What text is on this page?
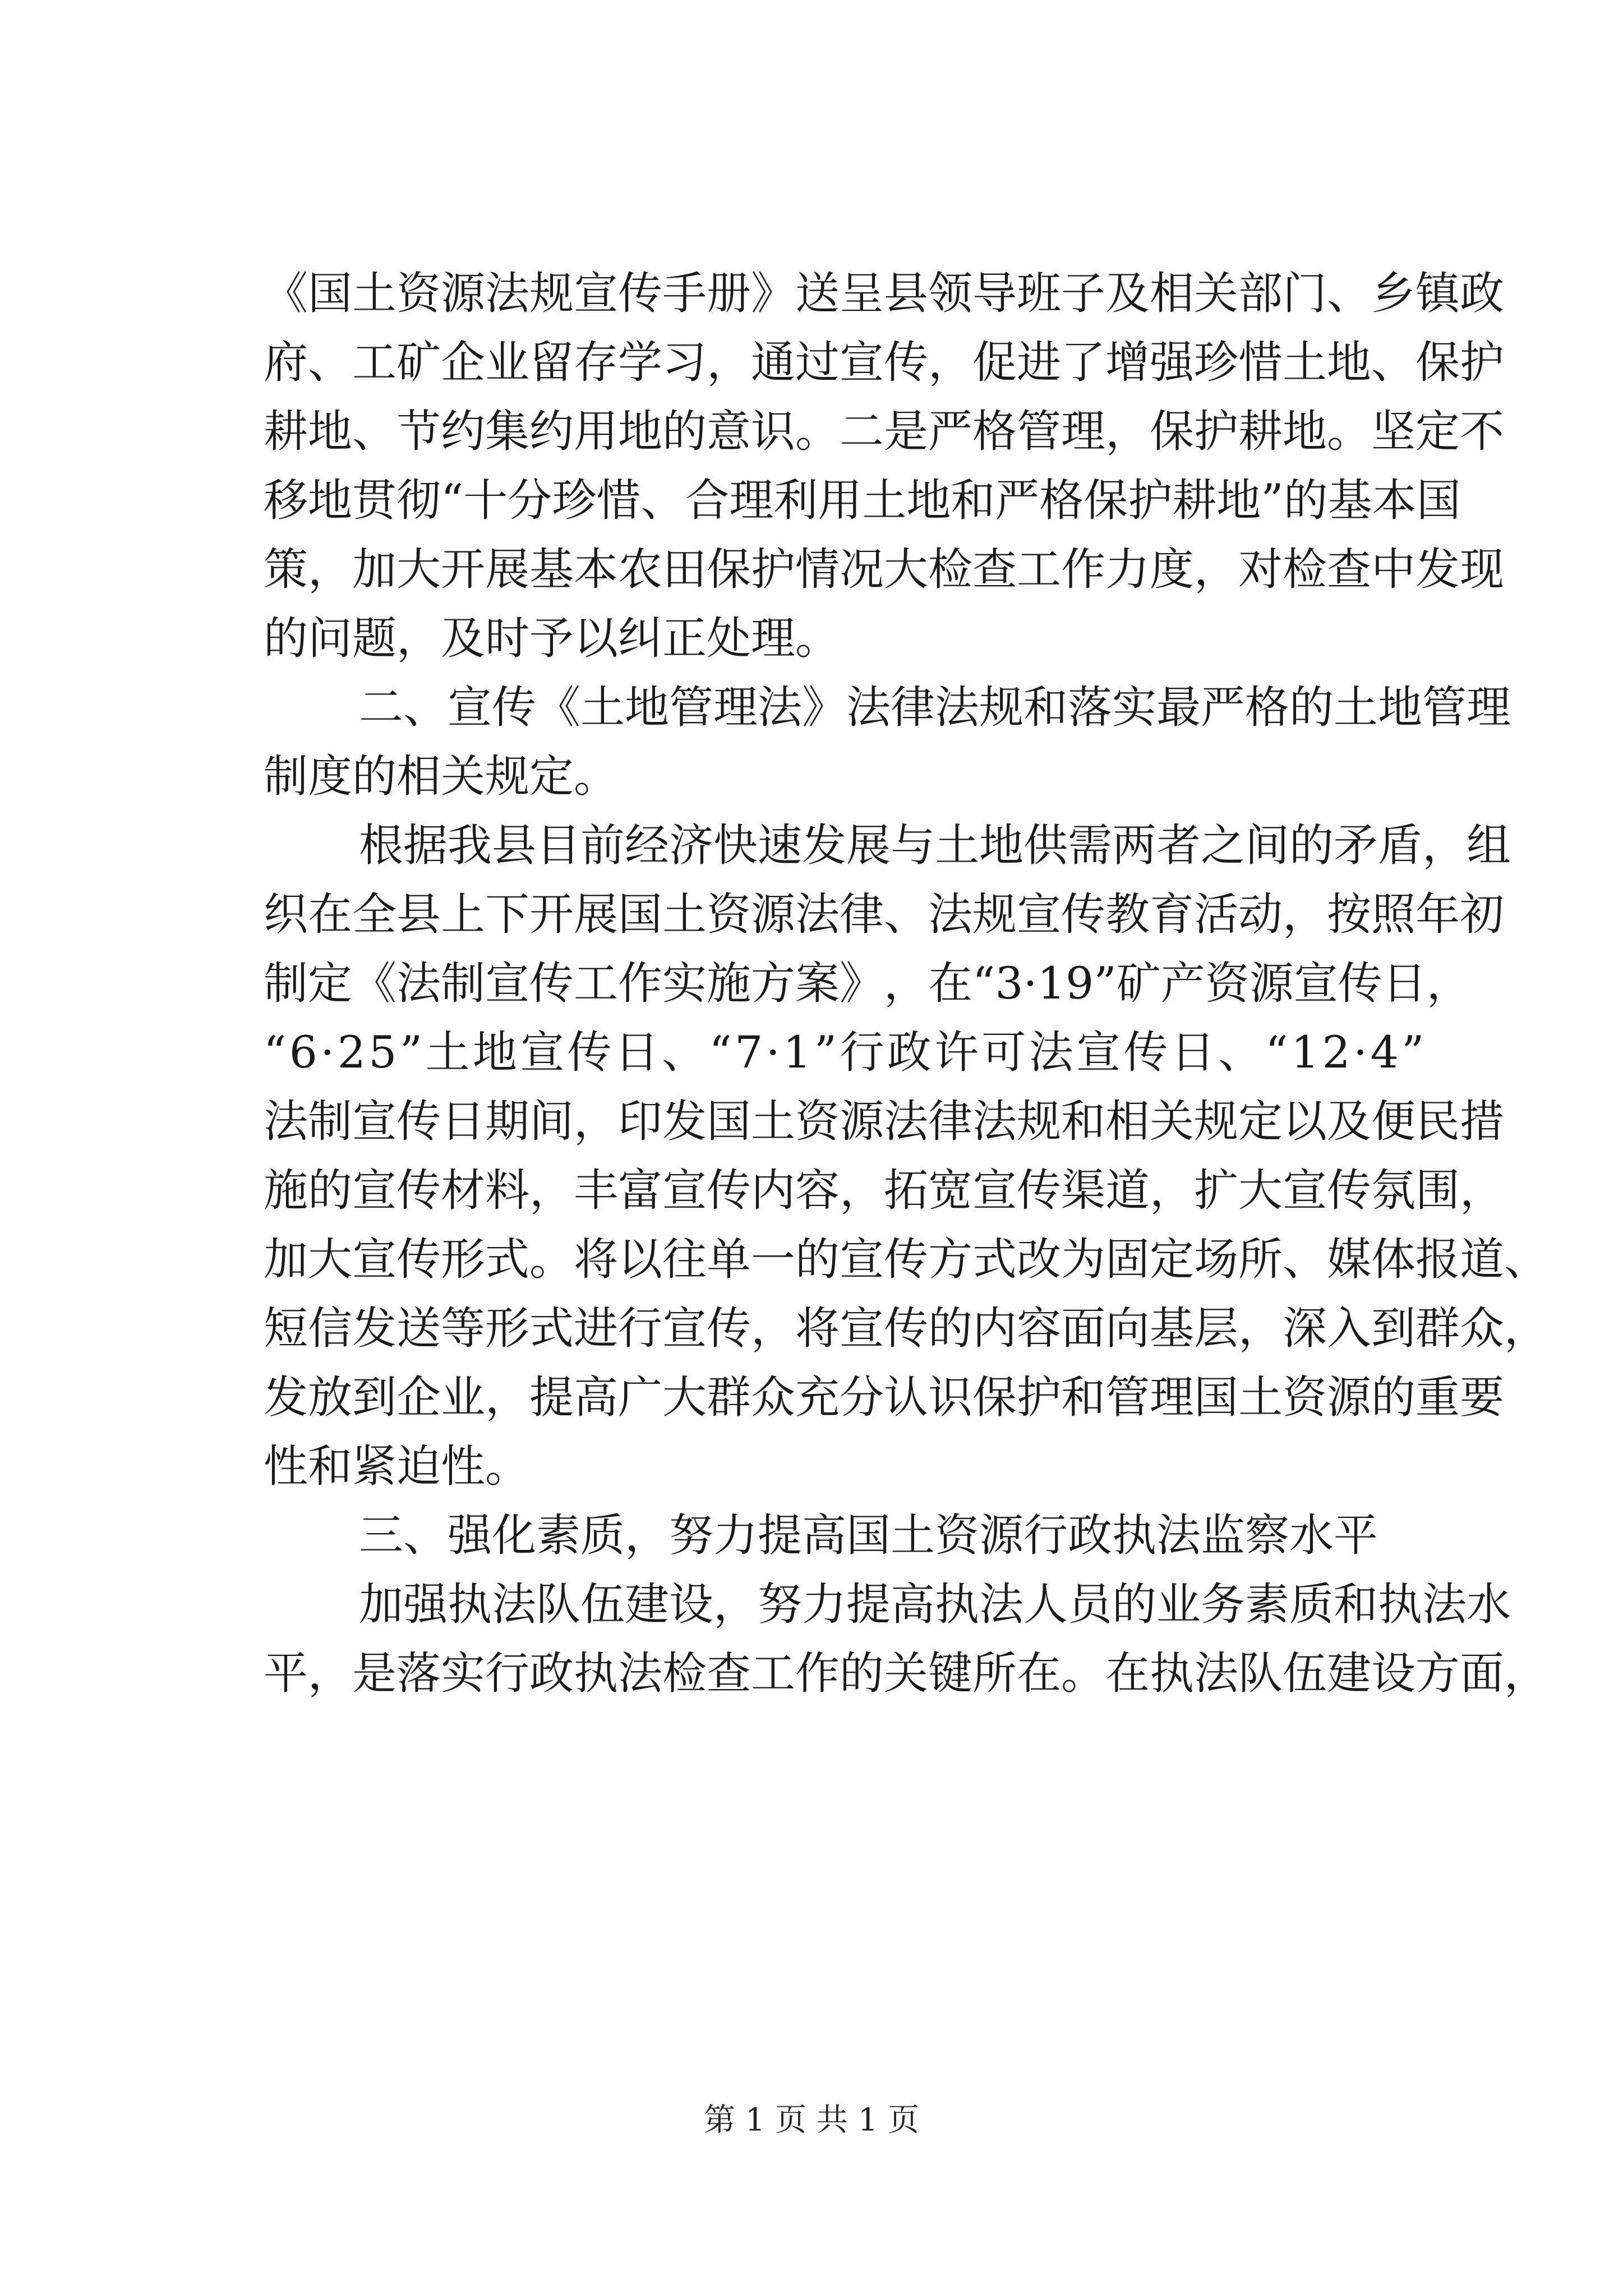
《 国 土 资 源 法 规 宣 传 手 册 》 送 呈 县 领 导 班 子 及 相 关 部 门 、 乡 镇 政
府 、 工 矿 企 业 留 存 学 习 ， 通 过 宣 传 ， 促 进 了 增 强 珍 惜 土 地 、 保 护
耕 地 、 节 约 集 约 用 地 的 意 识 。 二 是 严 格 管 理 ， 保 护 耕 地 。 坚 定 不
移 地 贯 彻 “ 十 分 珍 惜 、 合 理 利 用 土 地 和 严 格 保 护 耕 地 ” 的 基 本 国
策 ， 加 大 开 展 基 本 农 田 保 护 情 况 大 检 查 工 作 力 度 ， 对 检 查 中 发 现
的问题，及时予以纠正处理。
二 、 宣 传 《 土 地 管 理 法 》 法 律 法 规 和 落 实 最 严 格 的 土 地 管 理
制度的相关规定。
根 据 我 县 目 前 经 济 快 速 发 展 与 土 地 供 需 两 者 之 间 的 矛 盾 ， 组
织 在 全 县 上 下 开 展 国 土 资 源 法 律 、 法 规 宣 传 教 育 活 动 ， 按 照 年 初
制 定 《 法 制 宣 传 工 作 实 施 方 案 》 ， 在 “ 3 · 1 9 ” 矿 产 资 源 宣 传 日 ，
“ 6 · 2 5 ” 土 地 宣 传 日 、 “ 7 · 1 ” 行 政 许 可 法 宣 传 日 、 “ 1 2 · 4 ”
法 制 宣 传 日 期 间 ， 印 发 国 土 资 源 法 律 法 规 和 相 关 规 定 以 及 便 民 措
施 的 宣 传 材 料 ， 丰 富 宣 传 内 容 ， 拓 宽 宣 传 渠 道 ， 扩 大 宣 传 氛 围 ，
加 大 宣 传 形 式 。 将 以 往 单 一 的 宣 传 方 式 改 为 固 定 场 所 、 媒 体 报 道 、
短 信 发 送 等 形 式 进 行 宣 传 ， 将 宣 传 的 内 容 面 向 基 层 ， 深 入 到 群 众 ，
发 放 到 企 业 ， 提 高 广 大 群 众 充 分 认 识 保 护 和 管 理 国 土 资 源 的 重 要
性和紧迫性。
三、强化素质，努力提高国土资源行政执法监察水平
加 强 执 法 队 伍 建 设 ， 努 力 提 高 执 法 人 员 的 业 务 素 质 和 执 法 水
平，是落实行政执法检查工作的关键所在。在执法队伍建设方面，
第 1 页 共 1 页
